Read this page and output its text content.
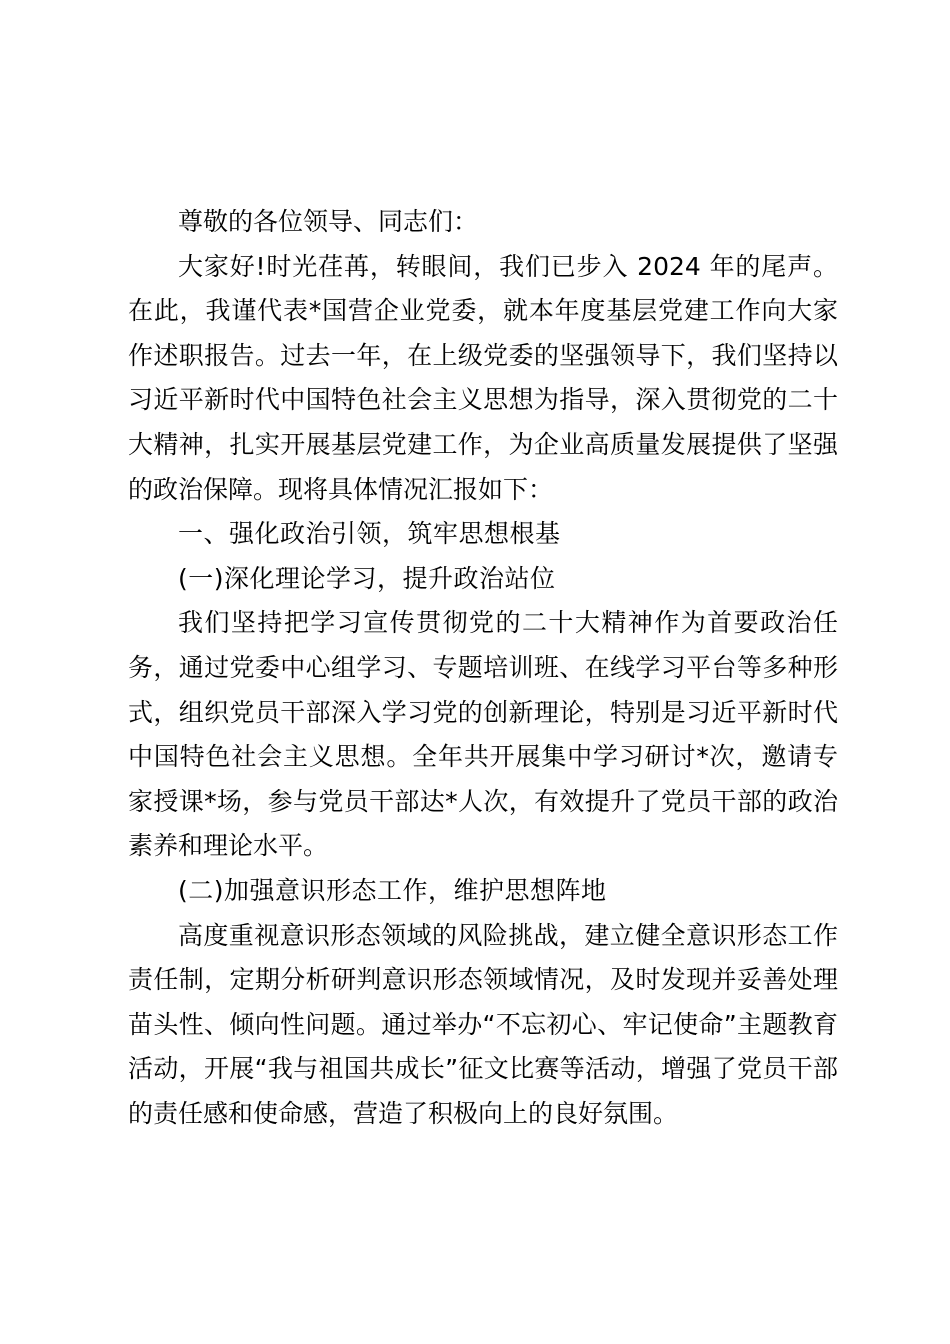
尊敬的各位领导、同志们：

大家好!时光荏苒，转眼间，我们已步入 2024 年的尾声。在此，我谨代表*国营企业党委，就本年度基层党建工作向大家作述职报告。过去一年，在上级党委的坚强领导下，我们坚持以习近平新时代中国特色社会主义思想为指导，深入贯彻党的二十大精神，扎实开展基层党建工作，为企业高质量发展提供了坚强的政治保障。现将具体情况汇报如下：

一、强化政治引领，筑牢思想根基

(一)深化理论学习，提升政治站位

我们坚持把学习宣传贯彻党的二十大精神作为首要政治任务，通过党委中心组学习、专题培训班、在线学习平台等多种形式，组织党员干部深入学习党的创新理论，特别是习近平新时代中国特色社会主义思想。全年共开展集中学习研讨*次，邀请专家授课*场，参与党员干部达*人次，有效提升了党员干部的政治素养和理论水平。

(二)加强意识形态工作，维护思想阵地

高度重视意识形态领域的风险挑战，建立健全意识形态工作责任制，定期分析研判意识形态领域情况，及时发现并妥善处理苗头性、倾向性问题。通过举办“不忘初心、牢记使命”主题教育活动，开展“我与祖国共成长”征文比赛等活动，增强了党员干部的责任感和使命感，营造了积极向上的良好氛围。
